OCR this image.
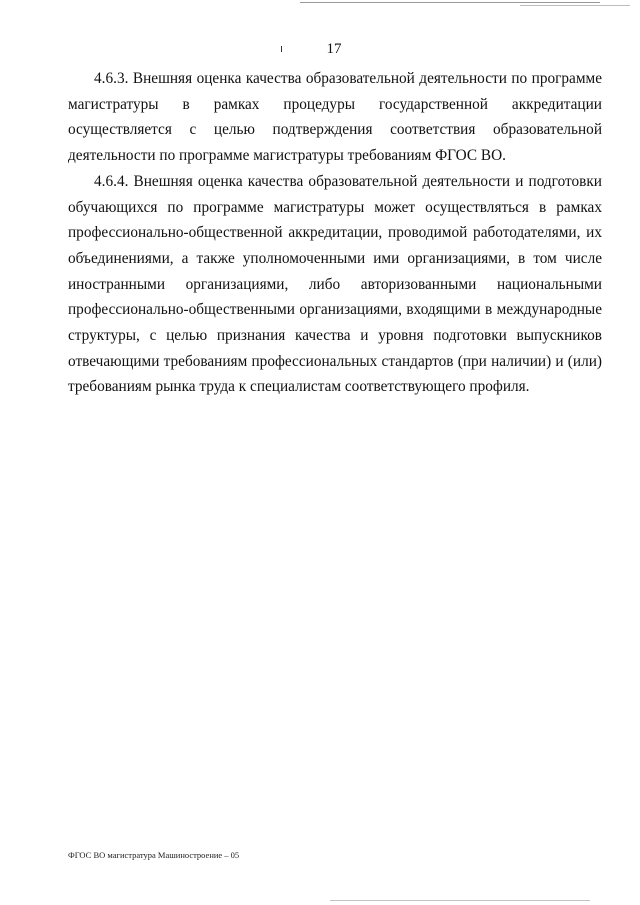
17

4.6.3. Внешняя оценка качества образовательной деятельности по программе магистратуры в рамках процедуры государственной аккредитации осуществляется с целью подтверждения соответствия образовательной деятельности по программе магистратуры требованиям ФГОС ВО.

4.6.4. Внешняя оценка качества образовательной деятельности и подготовки обучающихся по программе магистратуры может осуществляться в рамках профессионально-общественной аккредитации, проводимой работодателями, их объединениями, а также уполномоченными ими организациями, в том числе иностранными организациями, либо авторизованными национальными профессионально-общественными организациями, входящими в международные структуры, с целью признания качества и уровня подготовки выпускников отвечающими требованиям профессиональных стандартов (при наличии) и (или) требованиям рынка труда к специалистам соответствующего профиля.

ФГОС ВО магистратура Машиностроение – 05
